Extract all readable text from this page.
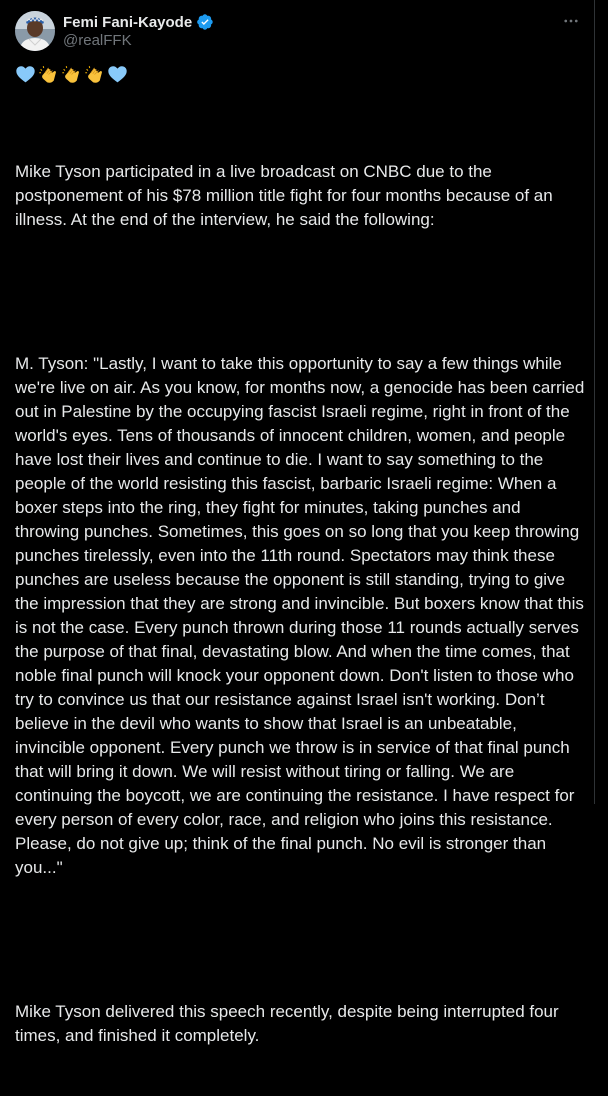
Femi Fani-Kayode
@realFFK

Mike Tyson participated in a live broadcast on CNBC due to the postponement of his $78 million title fight for four months because of an illness. At the end of the interview, he said the following:

M. Tyson: "Lastly, I want to take this opportunity to say a few things while we're live on air. As you know, for months now, a genocide has been carried out in Palestine by the occupying fascist Israeli regime, right in front of the world's eyes. Tens of thousands of innocent children, women, and people have lost their lives and continue to die. I want to say something to the people of the world resisting this fascist, barbaric Israeli regime: When a boxer steps into the ring, they fight for minutes, taking punches and throwing punches. Sometimes, this goes on so long that you keep throwing punches tirelessly, even into the 11th round. Spectators may think these punches are useless because the opponent is still standing, trying to give the impression that they are strong and invincible. But boxers know that this is not the case. Every punch thrown during those 11 rounds actually serves the purpose of that final, devastating blow. And when the time comes, that noble final punch will knock your opponent down. Don't listen to those who try to convince us that our resistance against Israel isn't working. Don’t believe in the devil who wants to show that Israel is an unbeatable, invincible opponent. Every punch we throw is in service of that final punch that will bring it down. We will resist without tiring or falling. We are continuing the boycott, we are continuing the resistance. I have respect for every person of every color, race, and religion who joins this resistance. Please, do not give up; think of the final punch. No evil is stronger than you..."

Mike Tyson delivered this speech recently, despite being interrupted four times, and finished it completely.
